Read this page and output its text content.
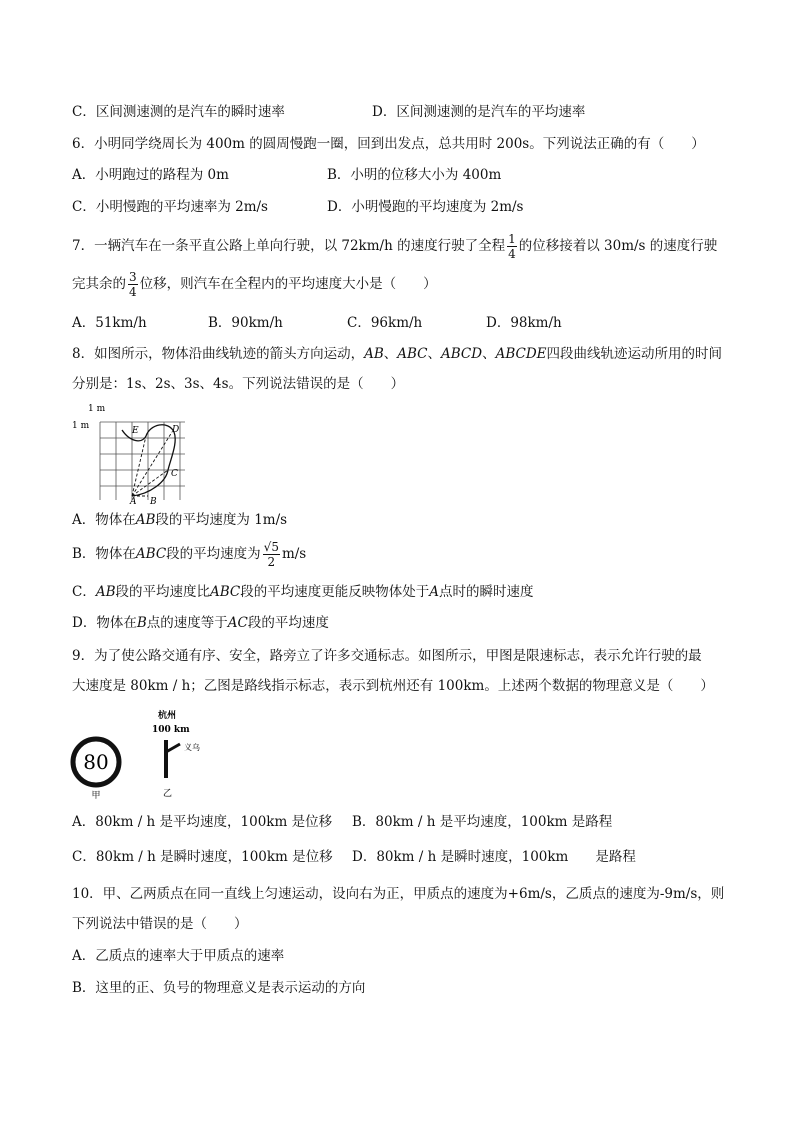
C．区间测速测的是汽车的瞬时速率	D．区间测速测的是汽车的平均速率
6．小明同学绕周长为 400m 的圆周慢跑一圈，回到出发点，总共用时 200s。下列说法正确的有（　　）
A．小明跑过的路程为 0m	B．小明的位移大小为 400m
C．小明慢跑的平均速率为 2m/s	D．小明慢跑的平均速度为 2m/s
7．一辆汽车在一条平直公路上单向行驶，以 72km/h 的速度行驶了全程 $\frac{1}{4}$ 的位移接着以 30m/s 的速度行驶
完其余的 $\frac{3}{4}$ 位移，则汽车在全程内的平均速度大小是（　　）
A．51km/h	B．90km/h	C．96km/h	D．98km/h
8．如图所示，物体沿曲线轨迹的箭头方向运动，AB、ABC、ABCD、ABCDE四段曲线轨迹运动所用的时间
分别是：1s、2s、3s、4s。下列说法错误的是（　　）
1 m
1 m
A B
C
D
E
A．物体在AB段的平均速度为 1m/s
B．物体在ABC段的平均速度为 $\frac{√5}{2} m/s$
C．AB段的平均速度比ABC段的平均速度更能反映物体处于A点时的瞬时速度
D．物体在B点的速度等于AC段的平均速度
9．为了使公路交通有序、安全，路旁立了许多交通标志。如图所示，甲图是限速标志，表示允许行驶的最
大速度是 80km / h；乙图是路线指示标志，表示到杭州还有 100km。上述两个数据的物理意义是（　　）
80
甲
杭州
100 km
义乌
乙
A．80km / h 是平均速度，100km 是位移 B．80km / h 是平均速度，100km 是路程
C．80km / h 是瞬时速度，100km 是位移 D．80km / h 是瞬时速度，100km　　是路程
10．甲、乙两质点在同一直线上匀速运动，设向右为正，甲质点的速度为+6m/s，乙质点的速度为-9m/s，则
下列说法中错误的是（　　）
A．乙质点的速率大于甲质点的速率
B．这里的正、负号的物理意义是表示运动的方向
